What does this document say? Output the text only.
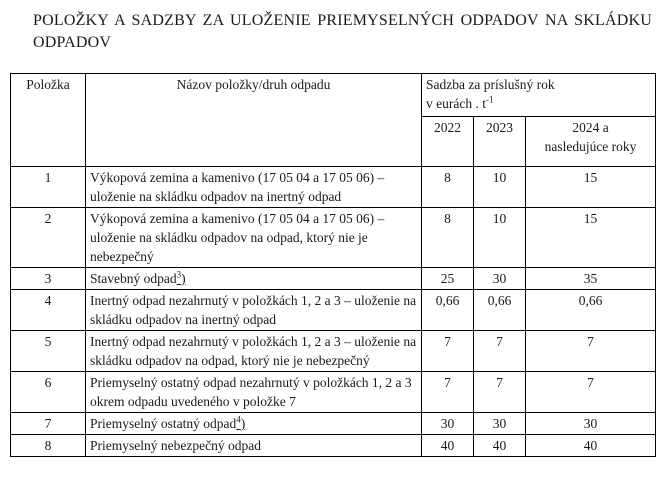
POLOŽKY A SADZBY ZA ULOŽENIE PRIEMYSELNÝCH ODPADOV NA SKLÁDKU
ODPADOV
Položka	Názov položky/druh odpadu	Sadzba za príslušný rok
v eurách . $t^{-1}$

		2022	2023	2024 a
nasledujúce roky

1	Výkopová zemina a kamenivo (17 05 04 a 17 05 06) – uloženie na skládku odpadov na inertný odpad	8	10	15
2	Výkopová zemina a kamenivo (17 05 04 a 17 05 06) – uloženie na skládku odpadov na odpad, ktorý nie je nebezpečný	8	10	15
3	Stavebný odpad$^3$)	25	30	35
4	Inertný odpad nezahrnutý v položkách 1, 2 a 3 – uloženie na skládku odpadov na inertný odpad	0,66	0,66	0,66
5	Inertný odpad nezahrnutý v položkách 1, 2 a 3 – uloženie na skládku odpadov na odpad, ktorý nie je nebezpečný	7	7	7
6	Priemyselný ostatný odpad nezahrnutý v položkách 1, 2 a 3 okrem odpadu uvedeného v položke 7	7	7	7
7	Priemyselný ostatný odpad$^4$)	30	30	30
8	Priemyselný nebezpečný odpad	40	40	40
